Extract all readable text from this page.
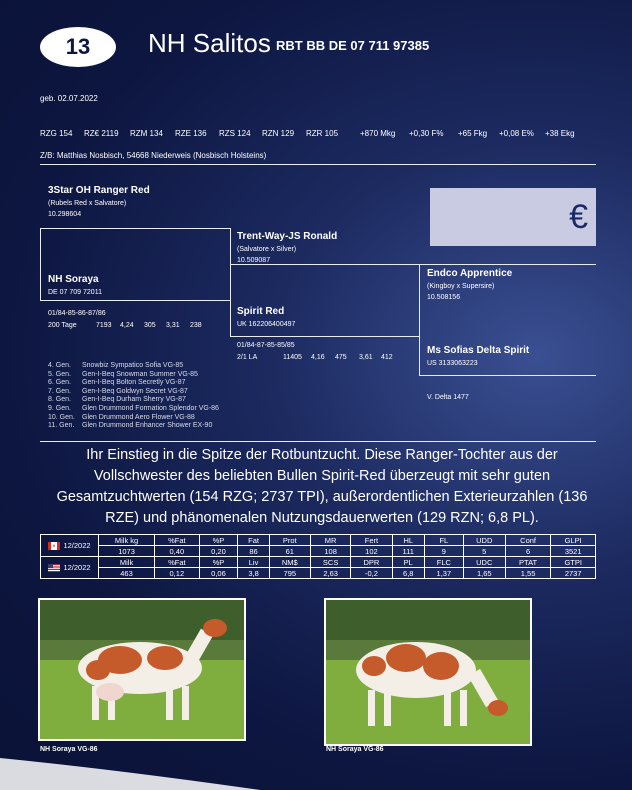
13	NH Salitos RBT BB DE 07 711 97385
geb. 02.07.2022
RZG 154 RZ€ 2119 RZM 134 RZE 136 RZS 124 RZN 129 RZR 105	+870 Mkg +0,30 F% +65 Fkg +0,08 E% +38 Ekg
Z/B: Matthias Nosbisch, 54668 Niederweis (Nosbisch Holsteins)
3Star OH Ranger Red
(Rubels Red x Salvatore)
10.298604
Trent-Way-JS Ronald
(Salvatore x Silver)
10.509087
NH Soraya
DE 07 709 72011
01/84-85-86-87/86
200 Tage	7193 4,24 305 3,31 238
Spirit Red
UK 162206400497
01/84-87-85-85/85
2/1 LA	11405 4,16 475 3,61 412
€
Endco Apprentice
(Kingboy x Supersire)
10.508156
Ms Sofias Delta Spirit
US 3133063223
V. Delta 1477
4. Gen. Snowbiz Sympatico Sofia VG-85
5. Gen. Gen-I-Beq Snowman Summer VG-85
6. Gen. Gen-I-Beq Bolton Secretly VG-87
7. Gen. Gen-I-Beq Goldwyn Secret VG-87
8. Gen. Gen-I-Beq Durham Sherry VG-87
9. Gen. Glen Drummond Formation Splendor VG-86
10. Gen. Glen Drummond Aero Flower VG-88
11. Gen. Glen Drummond Enhancer Shower EX-90
Ihr Einstieg in die Spitze der Rotbuntzucht. Diese Ranger-Tochter aus der Vollschwester des beliebten Bullen Spirit-Red überzeugt mit sehr guten Gesamtzuchtwerten (154 RZG; 2737 TPI), außerordentlichen Exterieurzahlen (136 RZE) und phänomenalen Nutzungsdauerwerten (129 RZN; 6,8 PL).
12/2022	Milk kg	%Fat	%P	Fat	Prot	MR	Fert	HL	FL	UDD	Conf	GLPI
	1073	0,40	0,20	86	61	108	102	111	9	5	6	3521
12/2022	Milk	%Fat	%P	Liv	NM$	SCS	DPR	PL	FLC	UDC	PTAT	GTPI
	463	0,12	0,06	3,8	795	2,63	-0,2	6,8	1,37	1,65	1,55	2737
NH Soraya VG-86	NH Soraya VG-86
